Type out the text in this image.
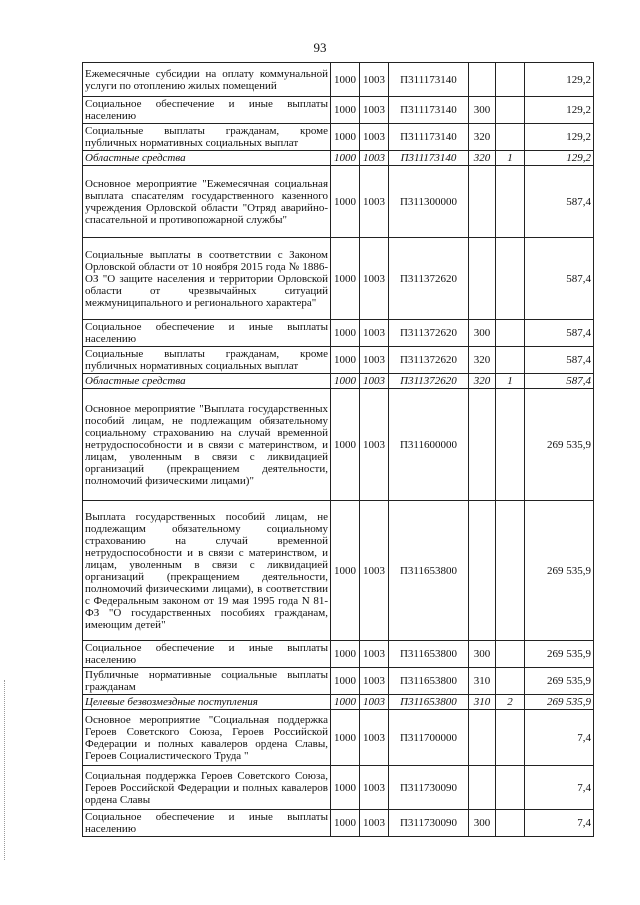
93
Ежемесячные субсидии на оплату коммунальной услуги по отоплению жилых помещений	1000	1003	П311173140			129,2
Социальное обеспечение и иные выплаты населению	1000	1003	П311173140	300		129,2
Социальные выплаты гражданам, кроме публичных нормативных социальных выплат	1000	1003	П311173140	320		129,2
Областные средства	1000	1003	П311173140	320	1	129,2
Основное мероприятие "Ежемесячная социальная выплата спасателям государственного казенного учреждения Орловской области "Отряд аварийно-спасательной и противопожарной службы"	1000	1003	П311300000			587,4
Социальные выплаты в соответствии с Законом Орловской области от 10 ноября 2015 года № 1886-ОЗ "О защите населения и территории Орловской области от чрезвычайных ситуаций межмуниципального и регионального характера"	1000	1003	П311372620			587,4
Социальное обеспечение и иные выплаты населению	1000	1003	П311372620	300		587,4
Социальные выплаты гражданам, кроме публичных нормативных социальных выплат	1000	1003	П311372620	320		587,4
Областные средства	1000	1003	П311372620	320	1	587,4
Основное мероприятие "Выплата государственных пособий лицам, не подлежащим обязательному социальному страхованию на случай временной нетрудоспособности и в связи с материнством, и лицам, уволенным в связи с ликвидацией организаций (прекращением деятельности, полномочий физическими лицами)"	1000	1003	П311600000			269 535,9
Выплата государственных пособий лицам, не подлежащим обязательному социальному страхованию на случай временной нетрудоспособности и в связи с материнством, и лицам, уволенным в связи с ликвидацией организаций (прекращением деятельности, полномочий физическими лицами), в соответствии с Федеральным законом от 19 мая 1995 года N 81-ФЗ "О государственных пособиях гражданам, имеющим детей"	1000	1003	П311653800			269 535,9
Социальное обеспечение и иные выплаты населению	1000	1003	П311653800	300		269 535,9
Публичные нормативные социальные выплаты гражданам	1000	1003	П311653800	310		269 535,9
Целевые безвозмездные поступления	1000	1003	П311653800	310	2	269 535,9
Основное мероприятие "Социальная поддержка Героев Советского Союза, Героев Российской Федерации и полных кавалеров ордена Славы, Героев Социалистического Труда "	1000	1003	П311700000			7,4
Социальная поддержка Героев Советского Союза, Героев Российской Федерации и полных кавалеров ордена Славы	1000	1003	П311730090			7,4
Социальное обеспечение и иные выплаты населению	1000	1003	П311730090	300		7,4
